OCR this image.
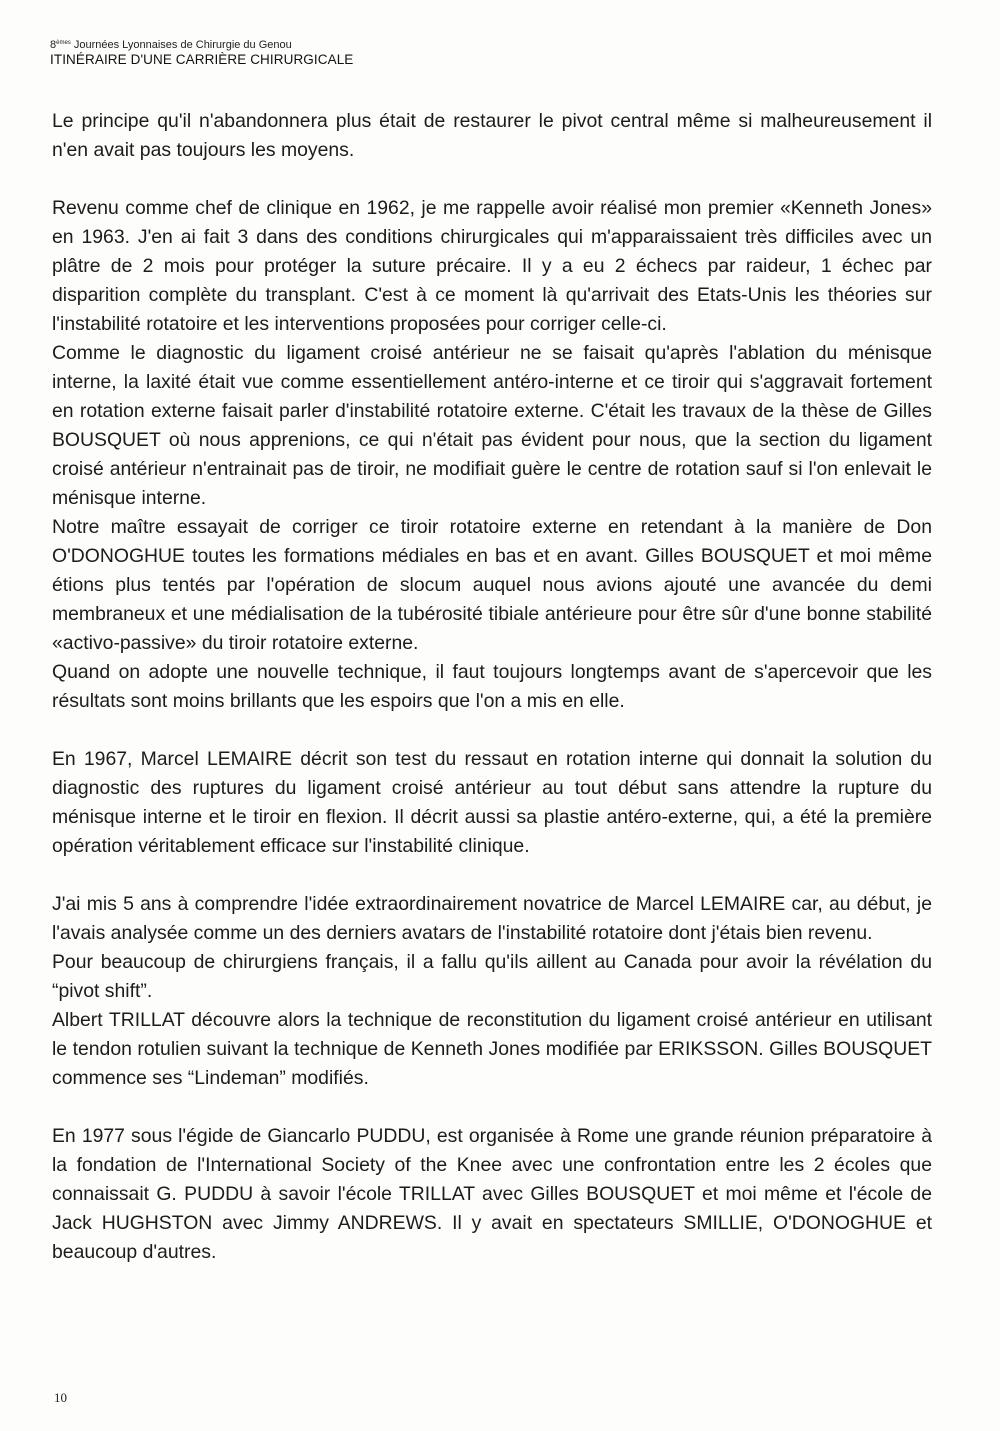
8èmes Journées Lyonnaises de Chirurgie du Genou
ITINÉRAIRE D'UNE CARRIÈRE CHIRURGICALE

Le principe qu'il n'abandonnera plus était de restaurer le pivot central même si malheureusement il n'en avait pas toujours les moyens.

Revenu comme chef de clinique en 1962, je me rappelle avoir réalisé mon premier «Kenneth Jones» en 1963. J'en ai fait 3 dans des conditions chirurgicales qui m'apparaissaient très difficiles avec un plâtre de 2 mois pour protéger la suture précaire. Il y a eu 2 échecs par raideur, 1 échec par disparition complète du transplant. C'est à ce moment là qu'arrivait des Etats-Unis les théories sur l'instabilité rotatoire et les interventions proposées pour corriger celle-ci.

Comme le diagnostic du ligament croisé antérieur ne se faisait qu'après l'ablation du ménisque interne, la laxité était vue comme essentiellement antéro-interne et ce tiroir qui s'aggravait fortement en rotation externe faisait parler d'instabilité rotatoire externe. C'était les travaux de la thèse de Gilles BOUSQUET où nous apprenions, ce qui n'était pas évident pour nous, que la section du ligament croisé antérieur n'entrainait pas de tiroir, ne modifiait guère le centre de rotation sauf si l'on enlevait le ménisque interne.

Notre maître essayait de corriger ce tiroir rotatoire externe en retendant à la manière de Don O'DONOGHUE toutes les formations médiales en bas et en avant. Gilles BOUSQUET et moi même étions plus tentés par l'opération de slocum auquel nous avions ajouté une avancée du demi membraneux et une médialisation de la tubérosité tibiale antérieure pour être sûr d'une bonne stabilité «activo-passive» du tiroir rotatoire externe.

Quand on adopte une nouvelle technique, il faut toujours longtemps avant de s'apercevoir que les résultats sont moins brillants que les espoirs que l'on a mis en elle.

En 1967, Marcel LEMAIRE décrit son test du ressaut en rotation interne qui donnait la solution du diagnostic des ruptures du ligament croisé antérieur au tout début sans attendre la rupture du ménisque interne et le tiroir en flexion. Il décrit aussi sa plastie antéro-externe, qui, a été la première opération véritablement efficace sur l'instabilité clinique.

J'ai mis 5 ans à comprendre l'idée extraordinairement novatrice de Marcel LEMAIRE car, au début, je l'avais analysée comme un des derniers avatars de l'instabilité rotatoire dont j'étais bien revenu.

Pour beaucoup de chirurgiens français, il a fallu qu'ils aillent au Canada pour avoir la révélation du “pivot shift”.

Albert TRILLAT découvre alors la technique de reconstitution du ligament croisé antérieur en utilisant le tendon rotulien suivant la technique de Kenneth Jones modifiée par ERIKSSON. Gilles BOUSQUET commence ses “Lindeman” modifiés.

En 1977 sous l'égide de Giancarlo PUDDU, est organisée à Rome une grande réunion préparatoire à la fondation de l'International Society of the Knee avec une confrontation entre les 2 écoles que connaissait G. PUDDU à savoir l'école TRILLAT avec Gilles BOUSQUET et moi même et l'école de Jack HUGHSTON avec Jimmy ANDREWS. Il y avait en spectateurs SMILLIE, O'DONOGHUE et beaucoup d'autres.

10
